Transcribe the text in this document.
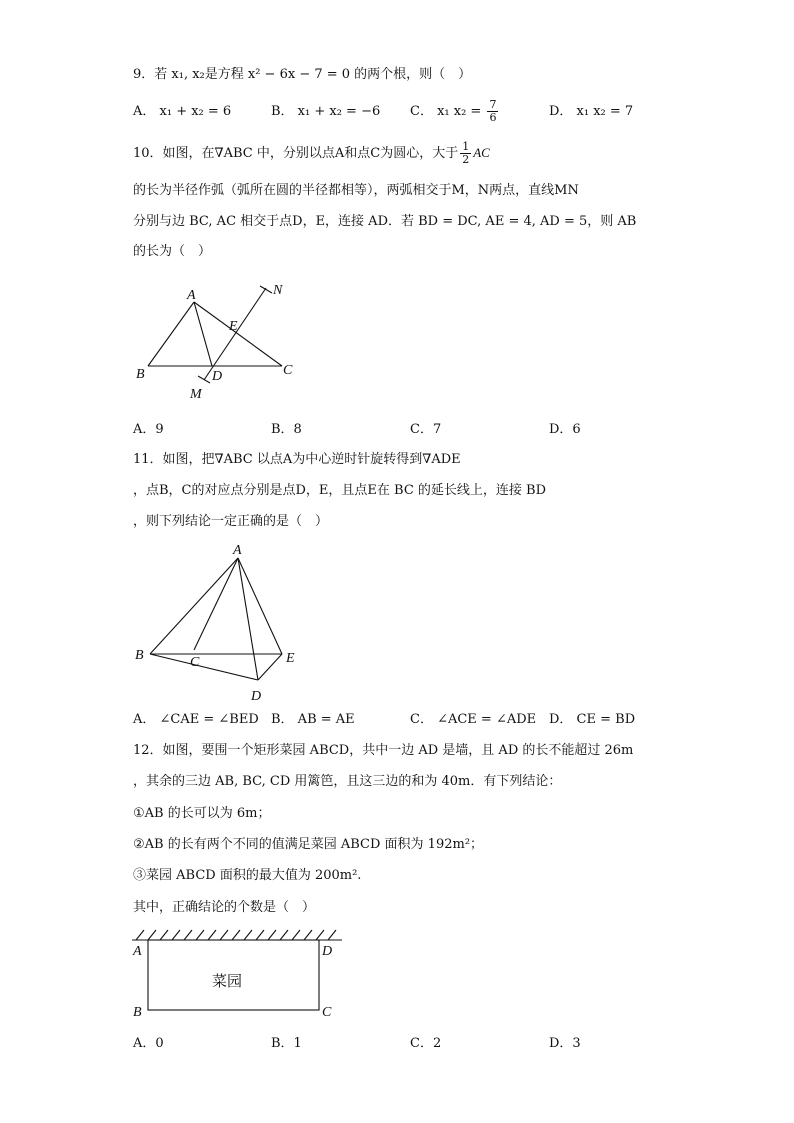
9．若 x₁, x₂是方程 x² − 6x − 7 = 0 的两个根，则（　）
A． x₁ + x₂ = 6	B． x₁ + x₂ = −6 C． x₁ $x_2 = \frac{7}{6}$	D． x₁ x₂ = 7
10．如图，在∇ABC 中，分别以点A和点C为圆心，大于 $\frac{1}{2}$ AC
的长为半径作弧（弧所在圆的半径都相等），两弧相交于M，N两点，直线MN
分别与边 BC, AC 相交于点D，E，连接 AD．若 BD = DC, AE = 4, AD = 5，则 AB
的长为（　）
A
B	C
D
E
M
N
A．9	B．8	C．7	D．6
11．如图，把∇ABC 以点A为中心逆时针旋转得到∇ADE
，点B，C的对应点分别是点D，E，且点E在 BC 的延长线上，连接 BD
，则下列结论一定正确的是（　）
A
B	C
D
E
A． ∠CAE = ∠BED B． AB = AE	C． ∠ACE = ∠ADE D． CE = BD
12．如图，要围一个矩形菜园 ABCD，共中一边 AD 是墙，且 AD 的长不能超过 26m
，其余的三边 AB, BC, CD 用篱笆，且这三边的和为 40m．有下列结论：
①AB 的长可以为 6m；
②AB 的长有两个不同的值满足菜园 ABCD 面积为 192m²；
③菜园 ABCD 面积的最大值为 200m².
其中，正确结论的个数是（　）
A	D
B	C
菜园
A．0	B．1	C．2	D．3
